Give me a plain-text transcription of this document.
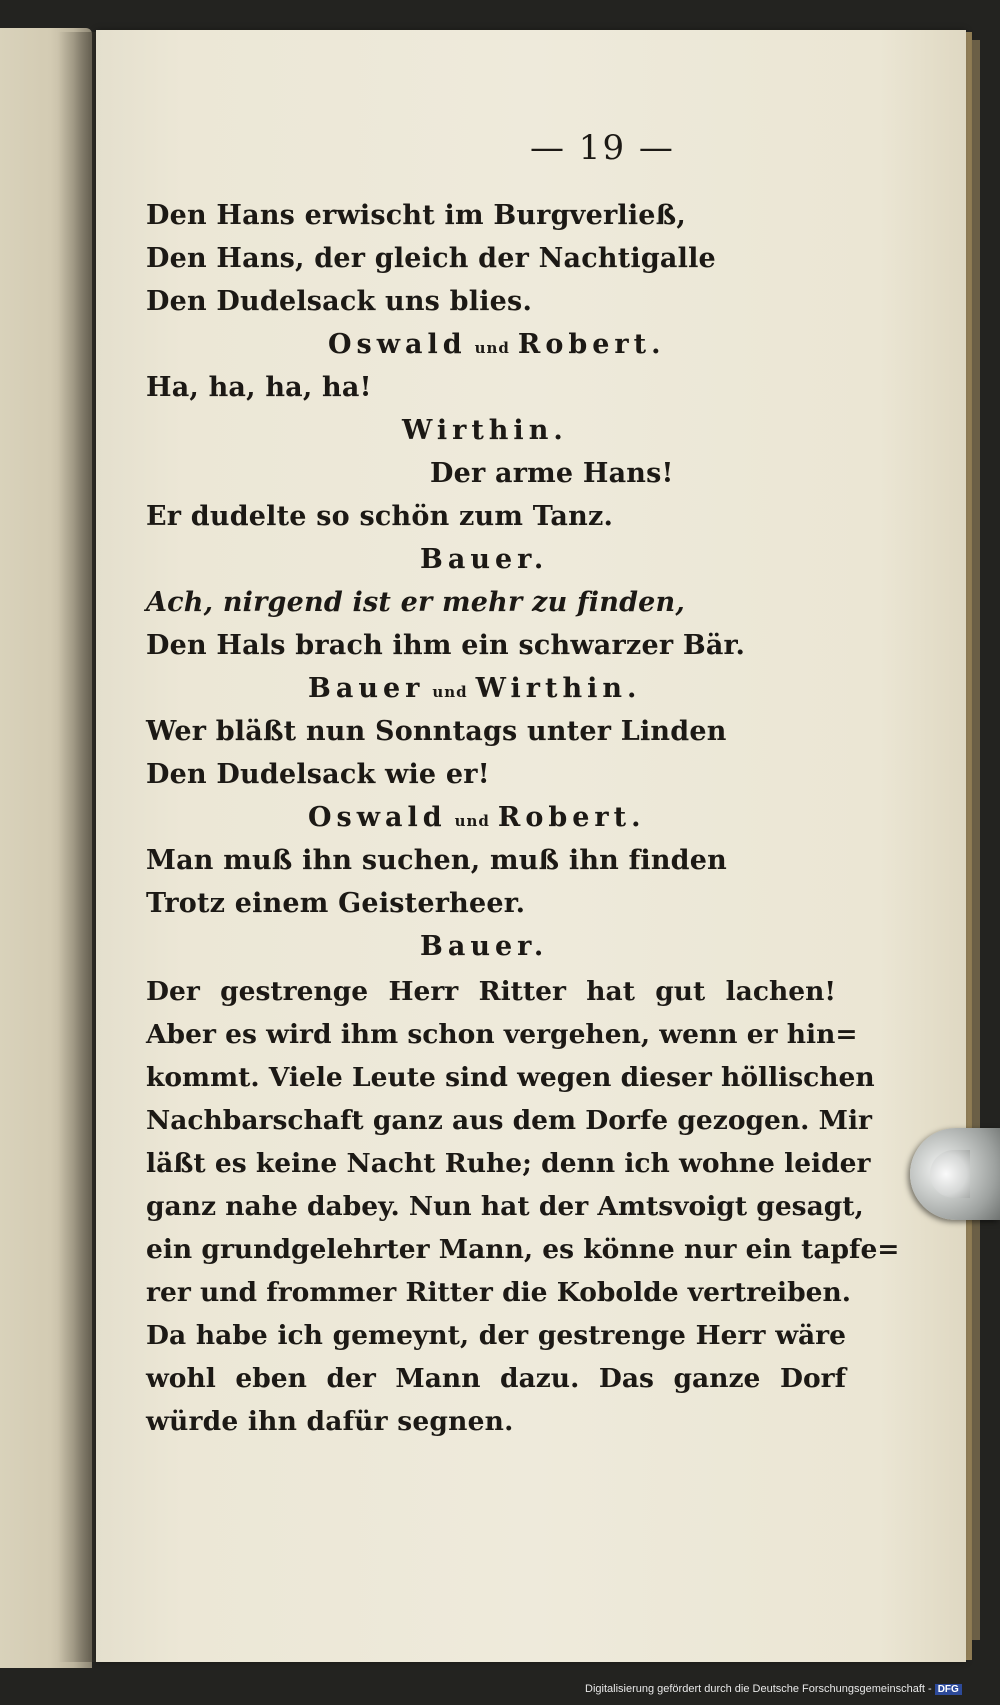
— 19 —
Den Hans erwischt im Burgverließ,
Den Hans, der gleich der Nachtigalle
Den Dudelsack uns blies.
Oswald und Robert.
Ha, ha, ha, ha!
Wirthin.
Der arme Hans!
Er dudelte so schön zum Tanz.
Bauer.
Ach, nirgend ist er mehr zu finden,
Den Hals brach ihm ein schwarzer Bär.
Bauer und Wirthin.
Wer bläßt nun Sonntags unter Linden
Den Dudelsack wie er!
Oswald und Robert.
Man muß ihn suchen, muß ihn finden
Trotz einem Geisterheer.
Bauer.
Der gestrenge Herr Ritter hat gut lachen!
Aber es wird ihm schon vergehen, wenn er hin=
kommt. Viele Leute sind wegen dieser höllischen
Nachbarschaft ganz aus dem Dorfe gezogen. Mir
läßt es keine Nacht Ruhe; denn ich wohne leider
ganz nahe dabey. Nun hat der Amtsvoigt gesagt,
ein grundgelehrter Mann, es könne nur ein tapfe=
rer und frommer Ritter die Kobolde vertreiben.
Da habe ich gemeynt, der gestrenge Herr wäre
wohl eben der Mann dazu. Das ganze Dorf
würde ihn dafür segnen.
Digitalisierung gefördert durch die Deutsche Forschungsgemeinschaft - DFG
